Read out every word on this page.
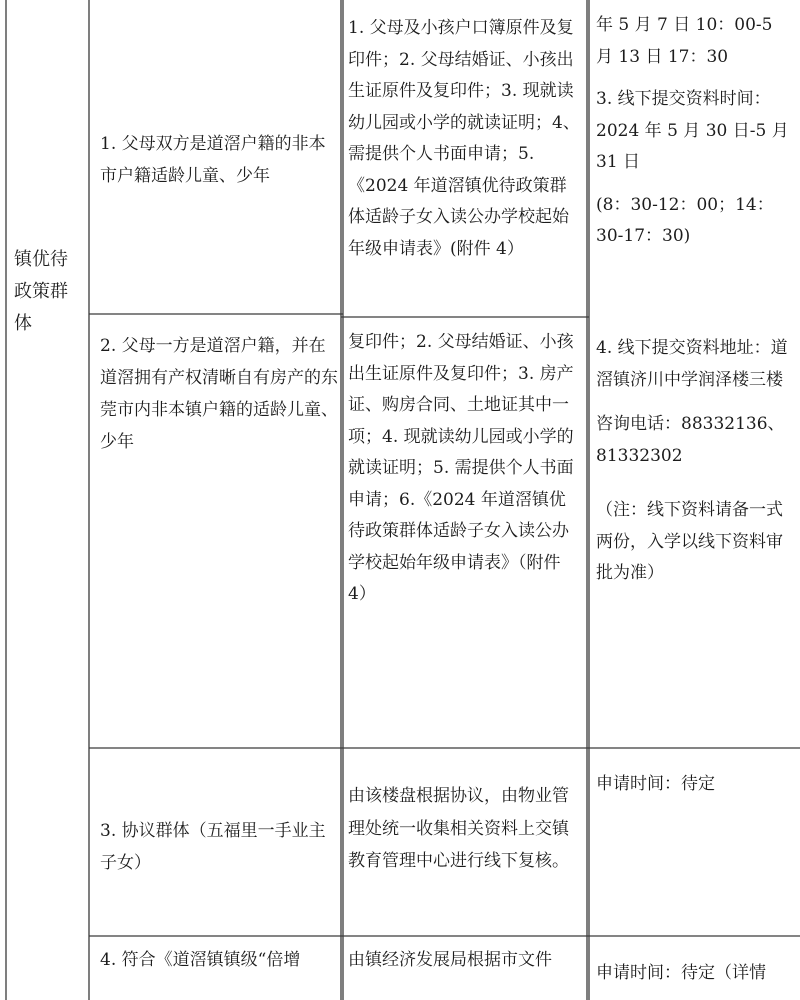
镇优待政策群体

1. 父母双方是道滘户籍的非本市户籍适龄儿童、少年

1. 父母及小孩户口簿原件及复印件；2. 父母结婚证、小孩出生证原件及复印件；3. 现就读幼儿园或小学的就读证明；4、需提供个人书面申请；5.《2024 年道滘镇优待政策群体适龄子女入读公办学校起始年级申请表》(附件 4）

年 5 月 7 日 10：00-5 月 13 日 17：30

3. 线下提交资料时间：2024 年 5 月 30 日-5 月 31 日

(8：30-12：00；14：30-17：30)

2. 父母一方是道滘户籍，并在道滘拥有产权清晰自有房产的东莞市内非本镇户籍的适龄儿童、少年

复印件；2. 父母结婚证、小孩出生证原件及复印件；3. 房产证、购房合同、土地证其中一项；4. 现就读幼儿园或小学的就读证明；5. 需提供个人书面申请；6.《2024 年道滘镇优待政策群体适龄子女入读公办学校起始年级申请表》（附件 4）

4. 线下提交资料地址：道滘镇济川中学润泽楼三楼

咨询电话：88332136、81332302

（注：线下资料请备一式两份，入学以线下资料审批为准）

3. 协议群体（五福里一手业主子女）

由该楼盘根据协议，由物业管理处统一收集相关资料上交镇教育管理中心进行线下复核。

申请时间：待定

4. 符合《道滘镇镇级“倍增	由镇经济发展局根据市文件

申请时间：待定（详情
